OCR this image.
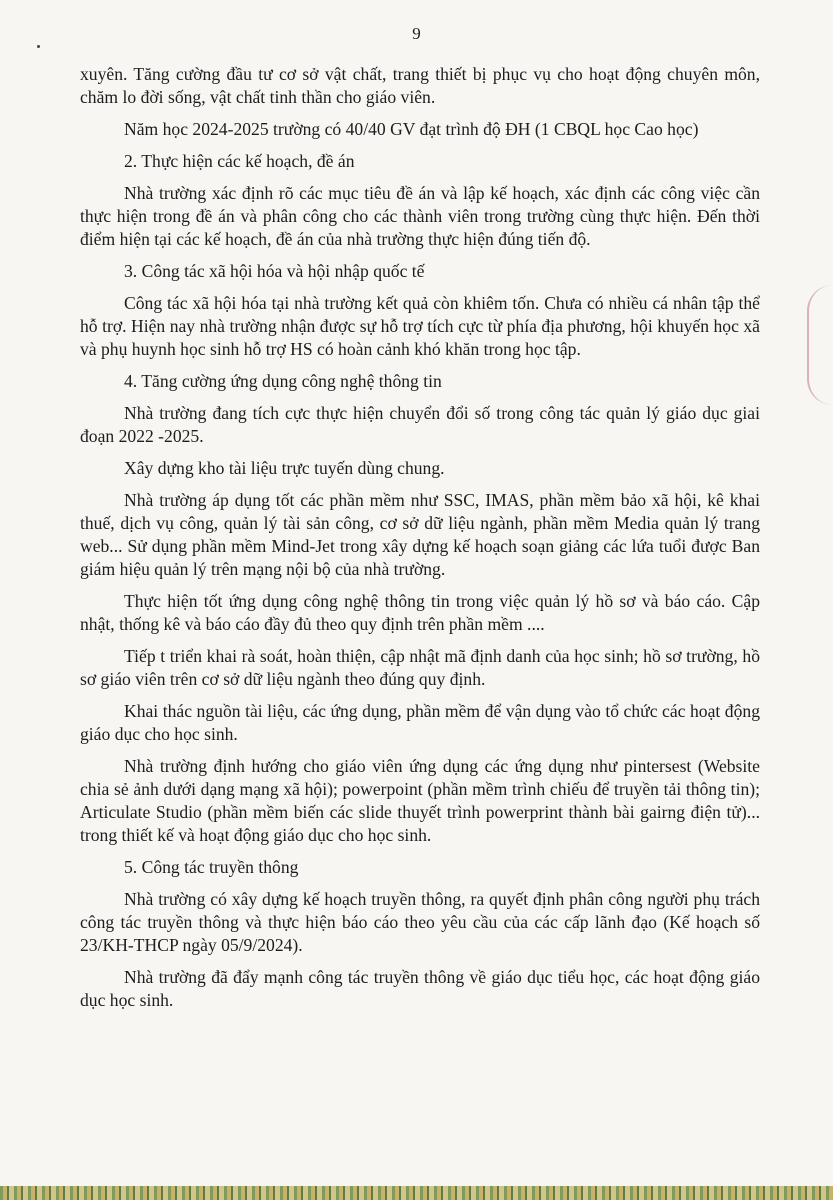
9

xuyên. Tăng cường đầu tư cơ sở vật chất, trang thiết bị phục vụ cho hoạt động chuyên môn, chăm lo đời sống, vật chất tinh thần cho giáo viên.

Năm học 2024-2025 trường có 40/40 GV đạt trình độ ĐH (1 CBQL học Cao học)

2. Thực hiện các kế hoạch, đề án

Nhà trường xác định rõ các mục tiêu đề án và lập kế hoạch, xác định các công việc cần thực hiện trong đề án và phân công cho các thành viên trong trường cùng thực hiện. Đến thời điểm hiện tại các kế hoạch, đề án của nhà trường thực hiện đúng tiến độ.

3. Công tác xã hội hóa và hội nhập quốc tế

Công tác xã hội hóa tại nhà trường kết quả còn khiêm tốn. Chưa có nhiều cá nhân tập thể hỗ trợ. Hiện nay nhà trường nhận được sự hỗ trợ tích cực từ phía địa phương, hội khuyến học xã và phụ huynh học sinh hỗ trợ HS có hoàn cảnh khó khăn trong học tập.

4. Tăng cường ứng dụng công nghệ thông tin

Nhà trường đang tích cực thực hiện chuyển đổi số trong công tác quản lý giáo dục giai đoạn 2022 -2025.

Xây dựng kho tài liệu trực tuyến dùng chung.

Nhà trường áp dụng tốt các phần mềm như SSC, IMAS, phần mềm bảo xã hội, kê khai thuế, dịch vụ công, quản lý tài sản công, cơ sở dữ liệu ngành, phần mềm Media quản lý trang web... Sử dụng phần mềm Mind-Jet trong xây dựng kế hoạch soạn giảng các lứa tuổi được Ban giám hiệu quản lý trên mạng nội bộ của nhà trường.

Thực hiện tốt ứng dụng công nghệ thông tin trong việc quản lý hồ sơ và báo cáo. Cập nhật, thống kê và báo cáo đầy đủ theo quy định trên phần mềm ....

Tiếp t triển khai rà soát, hoàn thiện, cập nhật mã định danh của học sinh; hồ sơ trường, hồ sơ giáo viên trên cơ sở dữ liệu ngành theo đúng quy định.

Khai thác nguồn tài liệu, các ứng dụng, phần mềm để vận dụng vào tổ chức các hoạt động giáo dục cho học sinh.

Nhà trường định hướng cho giáo viên ứng dụng các ứng dụng như pintersest (Website chia sẻ ảnh dưới dạng mạng xã hội); powerpoint (phần mềm trình chiếu để truyền tải thông tin); Articulate Studio (phần mềm biến các slide thuyết trình powerprint thành bài gairng điện tử)... trong thiết kế và hoạt động giáo dục cho học sinh.

5. Công tác truyền thông

Nhà trường có xây dựng kế hoạch truyền thông, ra quyết định phân công người phụ trách công tác truyền thông và thực hiện báo cáo theo yêu cầu của các cấp lãnh đạo (Kế hoạch số 23/KH-THCP ngày 05/9/2024).

Nhà trường đã đẩy mạnh công tác truyền thông về giáo dục tiểu học, các hoạt động giáo dục học sinh.
